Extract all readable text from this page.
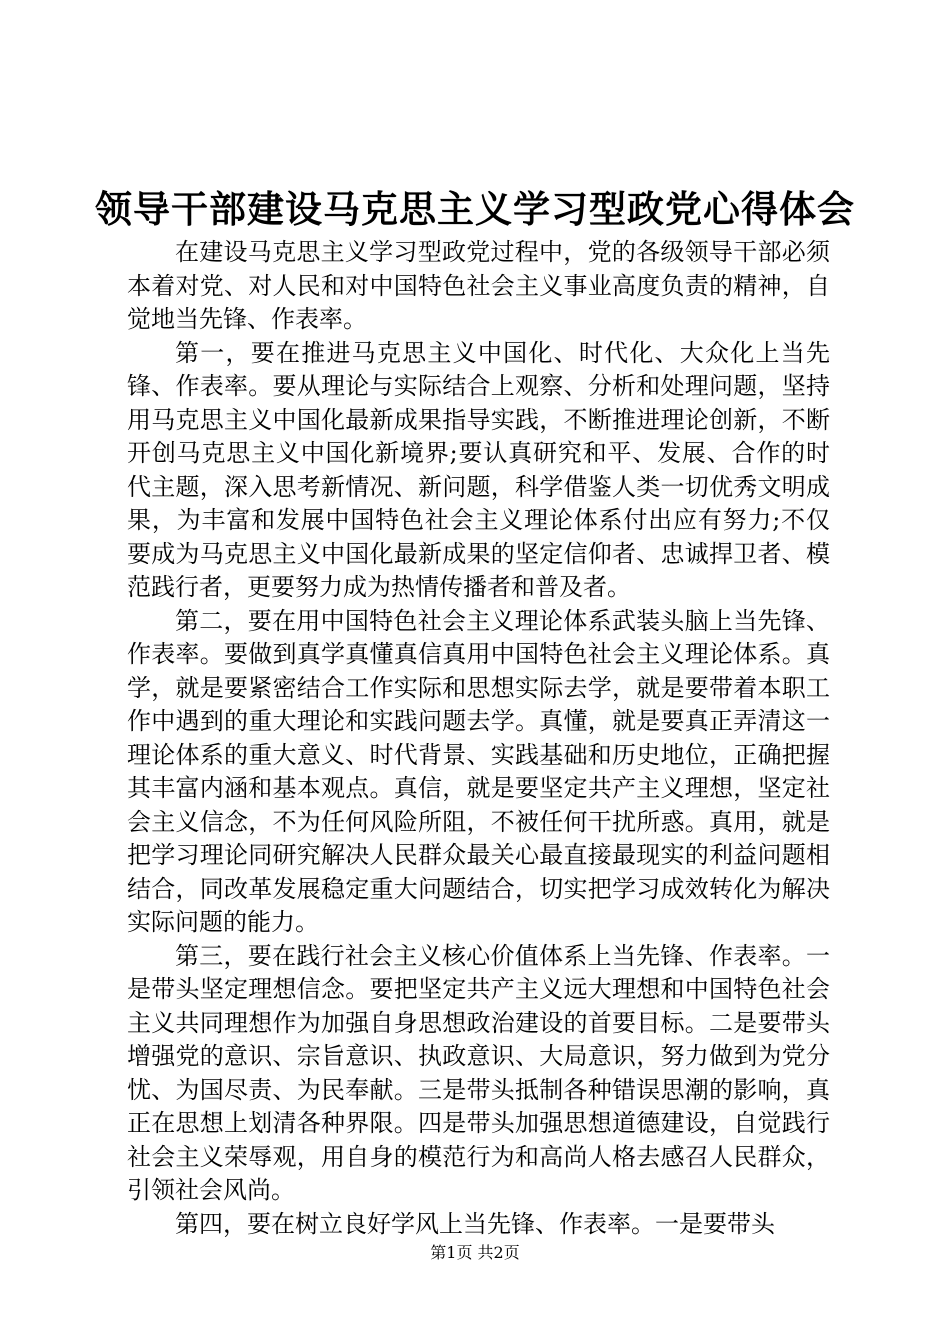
领导干部建设马克思主义学习型政党心得体会

在建设马克思主义学习型政党过程中，党的各级领导干部必须本着对党、对人民和对中国特色社会主义事业高度负责的精神，自觉地当先锋、作表率。

第一，要在推进马克思主义中国化、时代化、大众化上当先锋、作表率。要从理论与实际结合上观察、分析和处理问题，坚持用马克思主义中国化最新成果指导实践，不断推进理论创新，不断开创马克思主义中国化新境界;要认真研究和平、发展、合作的时代主题，深入思考新情况、新问题，科学借鉴人类一切优秀文明成果，为丰富和发展中国特色社会主义理论体系付出应有努力;不仅要成为马克思主义中国化最新成果的坚定信仰者、忠诚捍卫者、模范践行者，更要努力成为热情传播者和普及者。

第二，要在用中国特色社会主义理论体系武装头脑上当先锋、作表率。要做到真学真懂真信真用中国特色社会主义理论体系。真学，就是要紧密结合工作实际和思想实际去学，就是要带着本职工作中遇到的重大理论和实践问题去学。真懂，就是要真正弄清这一理论体系的重大意义、时代背景、实践基础和历史地位，正确把握其丰富内涵和基本观点。真信，就是要坚定共产主义理想，坚定社会主义信念，不为任何风险所阻，不被任何干扰所惑。真用，就是把学习理论同研究解决人民群众最关心最直接最现实的利益问题相结合，同改革发展稳定重大问题结合，切实把学习成效转化为解决实际问题的能力。

第三，要在践行社会主义核心价值体系上当先锋、作表率。一是带头坚定理想信念。要把坚定共产主义远大理想和中国特色社会主义共同理想作为加强自身思想政治建设的首要目标。二是要带头增强党的意识、宗旨意识、执政意识、大局意识，努力做到为党分忧、为国尽责、为民奉献。三是带头抵制各种错误思潮的影响，真正在思想上划清各种界限。四是带头加强思想道德建设，自觉践行社会主义荣辱观，用自身的模范行为和高尚人格去感召人民群众，引领社会风尚。

第四，要在树立良好学风上当先锋、作表率。一是要带头

第1页 共2页
